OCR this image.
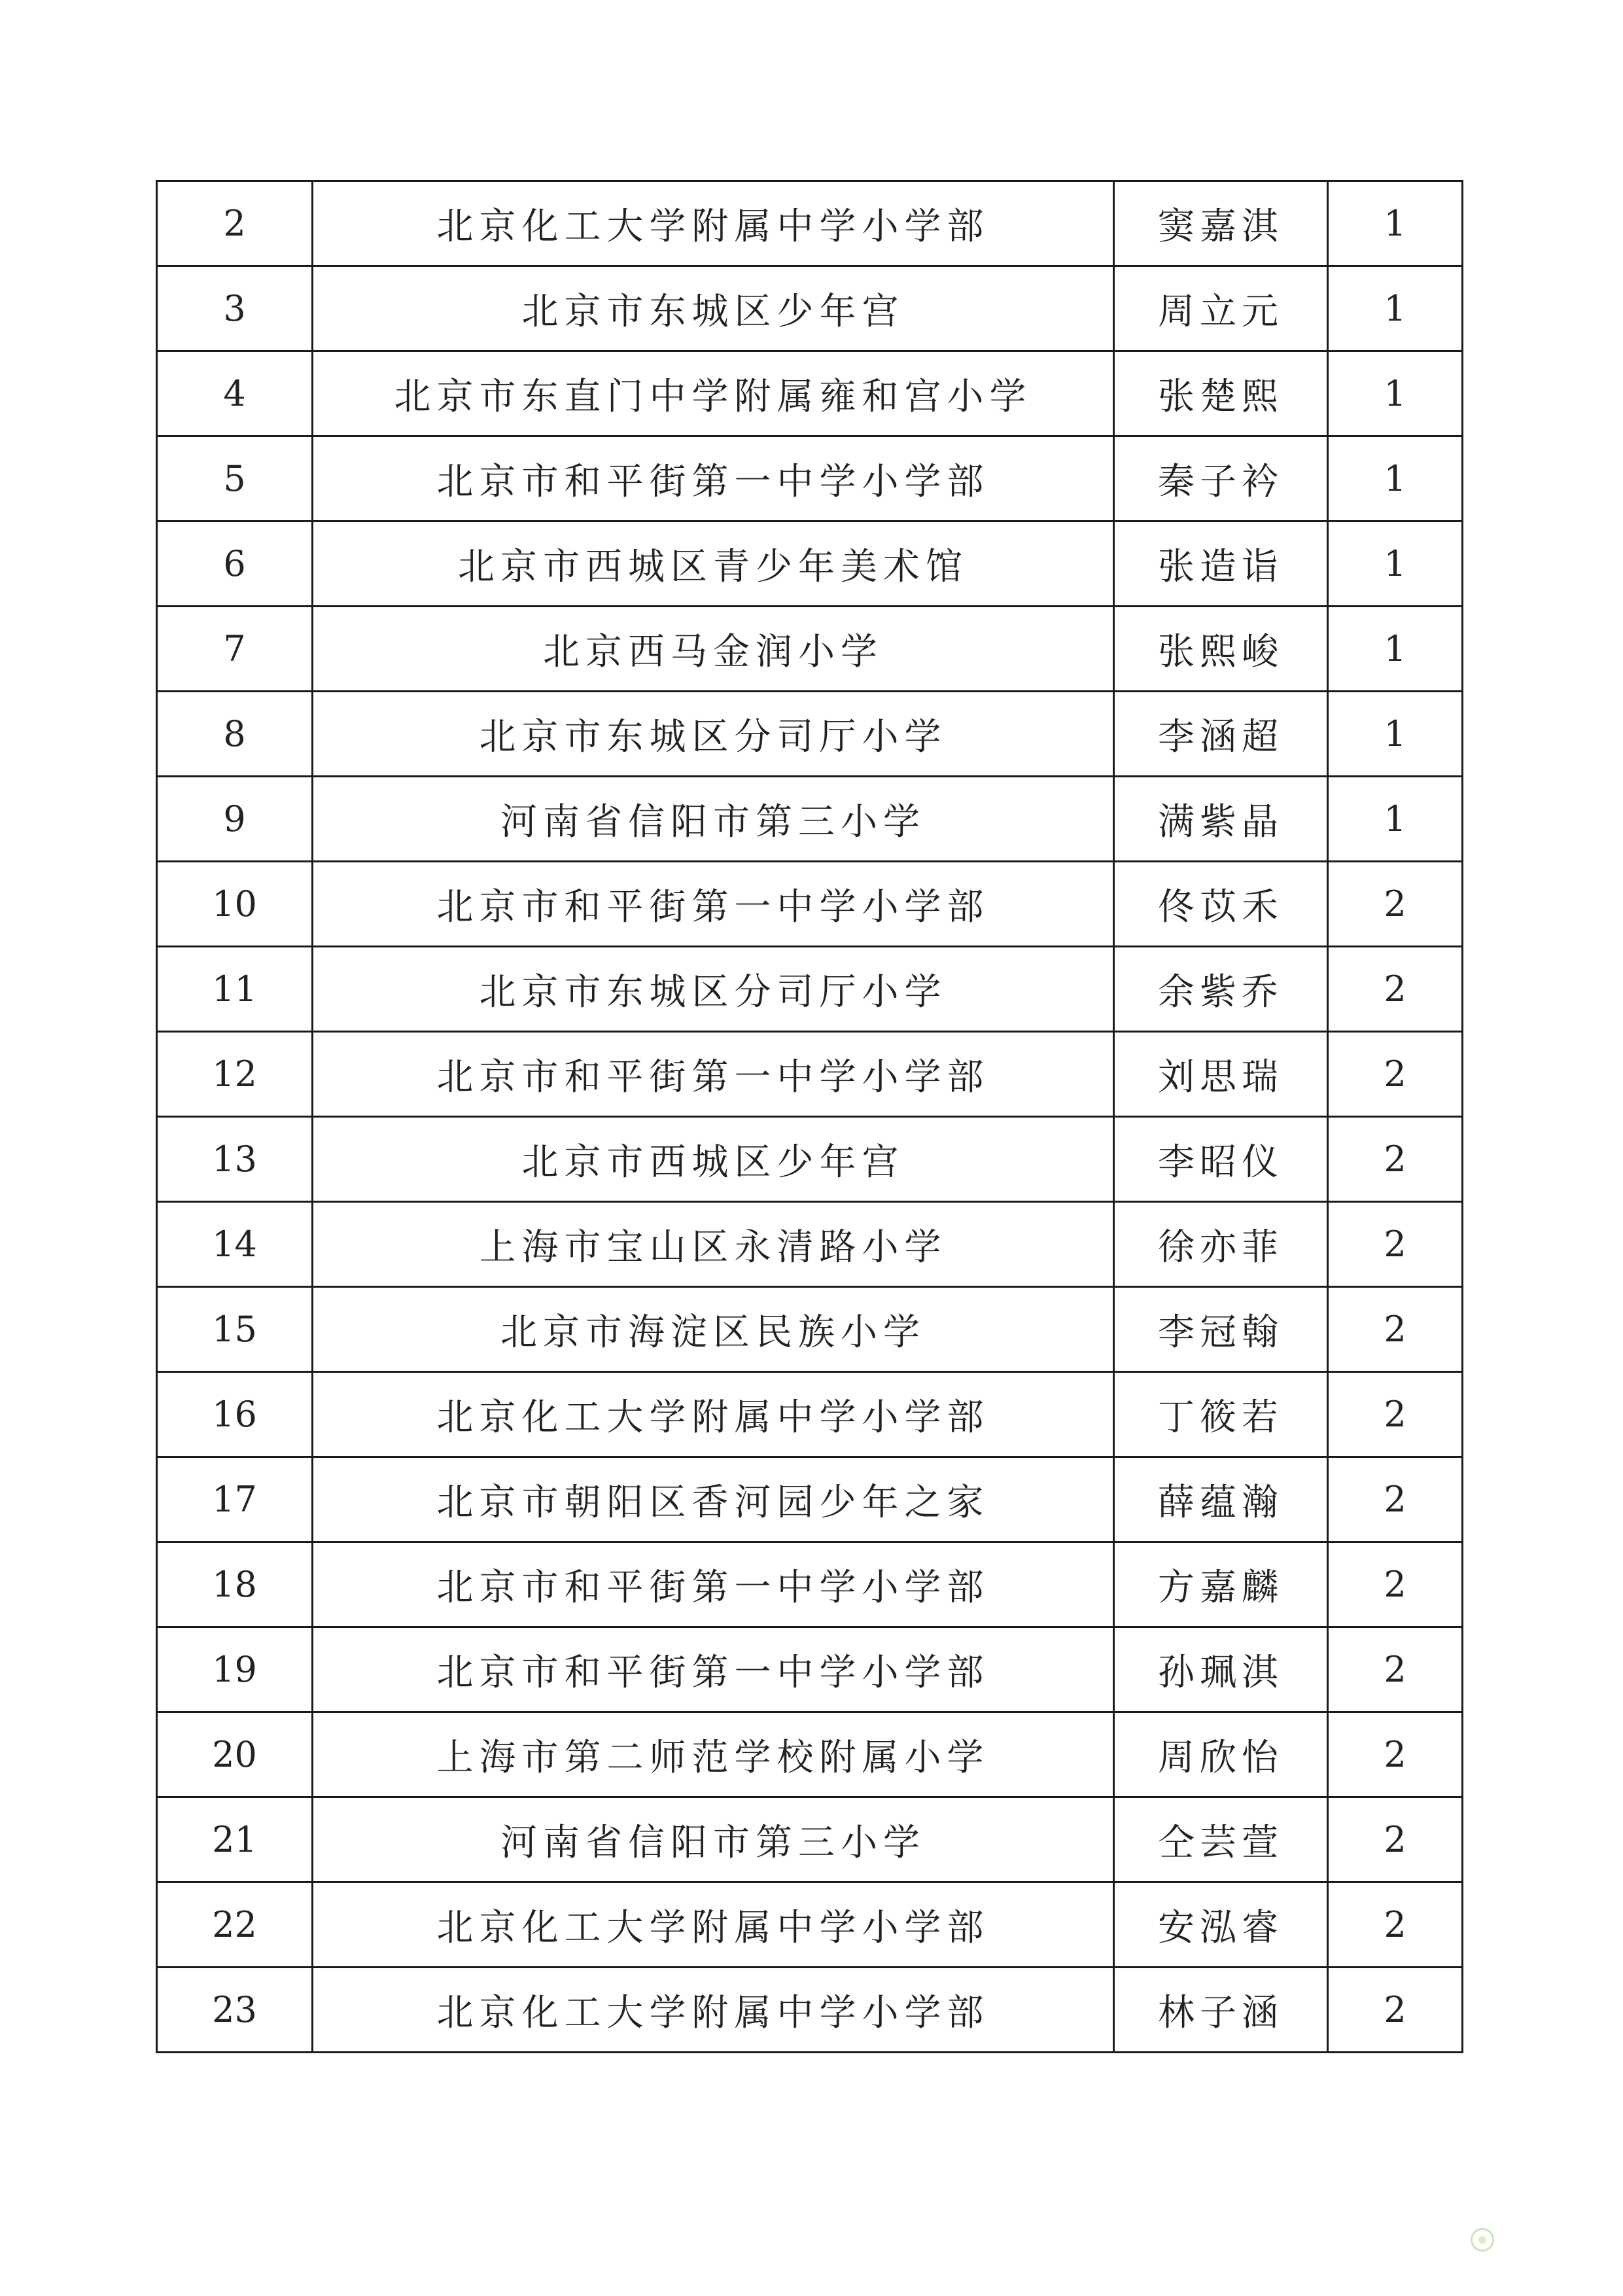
2	北京化工大学附属中学小学部	窦嘉淇	1
3	北京市东城区少年宫	周立元	1
4	北京市东直门中学附属雍和宫小学	张楚熙	1
5	北京市和平街第一中学小学部	秦子衿	1
6	北京市西城区青少年美术馆	张造诣	1
7	北京西马金润小学	张熙峻	1
8	北京市东城区分司厅小学	李涵超	1
9	河南省信阳市第三小学	满紫晶	1
10	北京市和平街第一中学小学部	佟苡禾	2
11	北京市东城区分司厅小学	余紫乔	2
12	北京市和平街第一中学小学部	刘思瑞	2
13	北京市西城区少年宫	李昭仪	2
14	上海市宝山区永清路小学	徐亦菲	2
15	北京市海淀区民族小学	李冠翰	2
16	北京化工大学附属中学小学部	丁筱若	2
17	北京市朝阳区香河园少年之家	薛蕴瀚	2
18	北京市和平街第一中学小学部	方嘉麟	2
19	北京市和平街第一中学小学部	孙珮淇	2
20	上海市第二师范学校附属小学	周欣怡	2
21	河南省信阳市第三小学	仝芸萱	2
22	北京化工大学附属中学小学部	安泓睿	2
23	北京化工大学附属中学小学部	林子涵	2
